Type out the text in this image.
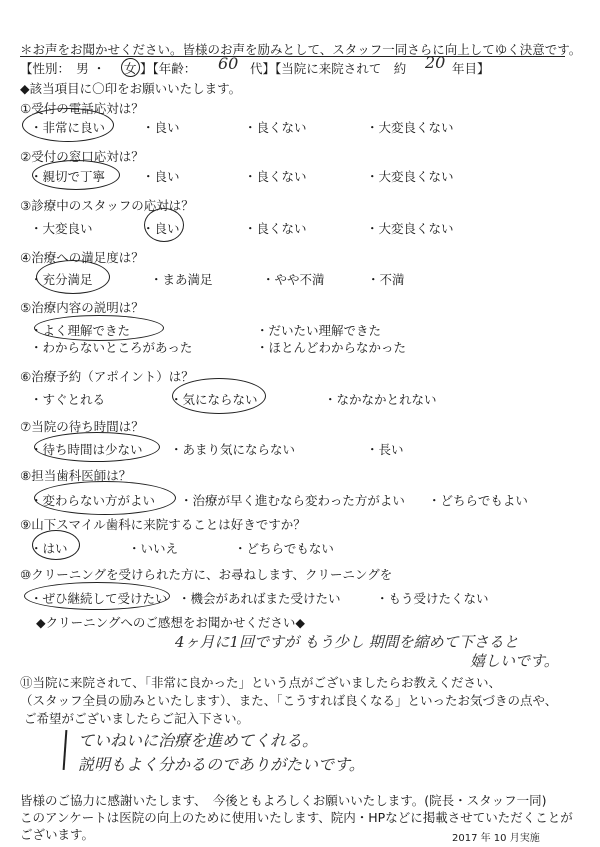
＊お声をお聞かせください。皆様のお声を励みとして、スタッフ一同さらに向上してゆく決意です。
【性別：　男 ・ 女 】【年齢： 60 代】【当院に来院されて　約 20 年目】
◆該当項目に〇印をお願いいたします。
①受付の電話応対は？
・非常に良い	・良い	・良くない	・大変良くない
②受付の窓口応対は？
・親切で丁寧	・良い	・良くない	・大変良くない
③診療中のスタッフの応対は？
・大変良い	・良い	・良くない	・大変良くない
④治療への満足度は？
・充分満足	・まあ満足	・やや不満	・不満
⑤治療内容の説明は？
・よく理解できた	・だいたい理解できた
・わからないところがあった	・ほとんどわからなかった
⑥治療予約（アポイント）は？
・すぐとれる	・気にならない	・なかなかとれない
⑦当院の待ち時間は？
・待ち時間は少ない ・あまり気にならない	・長い
⑧担当歯科医師は？
・変わらない方がよい ・治療が早く進むなら変わった方がよい ・どちらでもよい
⑨山下スマイル歯科に来院することは好きですか？
・はい	・いいえ	・どちらでもない
⑩クリーニングを受けられた方に、お尋ねします、クリーニングを
・ぜひ継続して受けたい ・機会があればまた受けたい	・もう受けたくない
◆クリーニングへのご感想をお聞かせください◆
4ヶ月に1回ですが もう少し 期間を縮めて下さると
嬉しいです。
⑪当院に来院されて、「非常に良かった」という点がございましたらお教えください、
（スタッフ全員の励みといたします）、また、「こうすれば良くなる」といったお気づきの点や、
ご希望がございましたらご記入下さい。
ていねいに治療を進めてくれる。
説明もよく分かるのでありがたいです。
皆様のご協力に感謝いたします、　今後ともよろしくお願いいたします。(院長・スタッフ一同)
このアンケートは医院の向上のために使用いたします、院内・HPなどに掲載させていただくことが
ございます。	2017 年 10 月実施
